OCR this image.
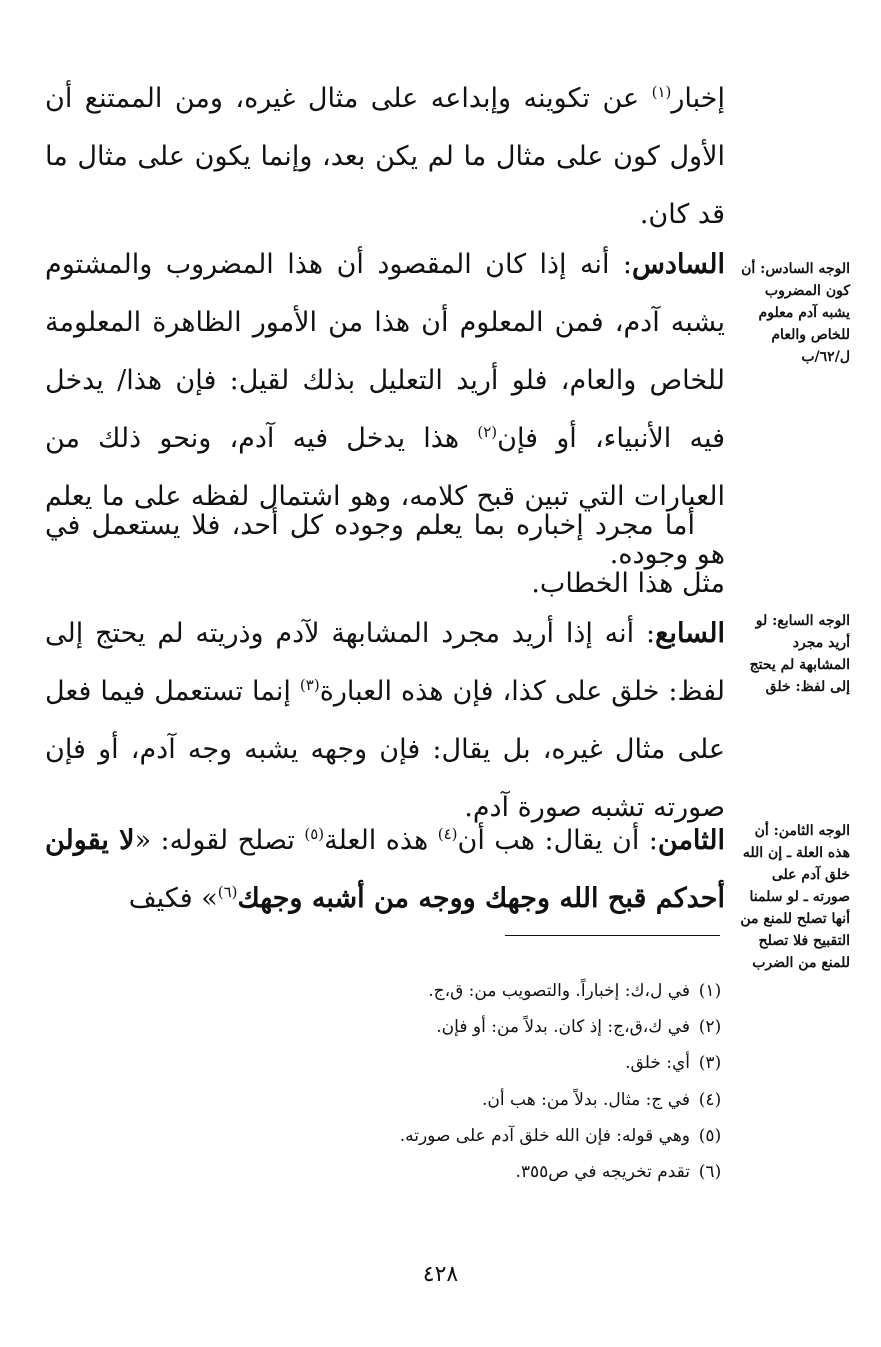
إخبار$^{(١)}$ عن تكوينه وإبداعه على مثال غيره، ومن الممتنع أن الأول كون على مثال ما لم يكن بعد، وإنما يكون على مثال ما قد كان.
السادس: أنه إذا كان المقصود أن هذا المضروب والمشتوم يشبه آدم، فمن المعلوم أن هذا من الأمور الظاهرة المعلومة للخاص والعام، فلو أريد التعليل بذلك لقيل: فإن هذا/ يدخل فيه الأنبياء، أو فإن$^{(٢)}$ هذا يدخل فيه آدم، ونحو ذلك من العبارات التي تبين قبح كلامه، وهو اشتمال لفظه على ما يعلم هو وجوده.
أما مجرد إخباره بما يعلم وجوده كل أحد، فلا يستعمل في مثل هذا الخطاب.
السابع: أنه إذا أريد مجرد المشابهة لآدم وذريته لم يحتج إلى لفظ: خلق على كذا، فإن هذه العبارة$^{(٣)}$ إنما تستعمل فيما فعل على مثال غيره، بل يقال: فإن وجهه يشبه وجه آدم، أو فإن صورته تشبه صورة آدم.
الثامن: أن يقال: هب أن$^{(٤)}$ هذه العلة$^{(٥)}$ تصلح لقوله: «لا يقولن أحدكم قبح الله وجهك ووجه من أشبه وجهك$^{(٦)}$» فكيف
الوجه السادس: أن كون المضروب يشبه آدم معلوم للخاص والعام
ل/٦٢/ب
الوجه السابع: لو أريد مجرد المشابهة لم يحتج إلى لفظ: خلق
الوجه الثامن: أن هذه العلة ـ إن الله خلق آدم على صورته ـ لو سلمنا أنها تصلح للمنع من التقبيح فلا تصلح للمنع من الضرب
(١)في ل،ك: إخباراً. والتصويب من: ق،ج.
(٢)في ك،ق،ج: إذ كان. بدلاً من: أو فإن.
(٣)أي: خلق.
(٤)في ج: مثال. بدلاً من: هب أن.
(٥)وهي قوله: فإن الله خلق آدم على صورته.
(٦)تقدم تخريجه في ص٣٥٥.
٤٢٨
